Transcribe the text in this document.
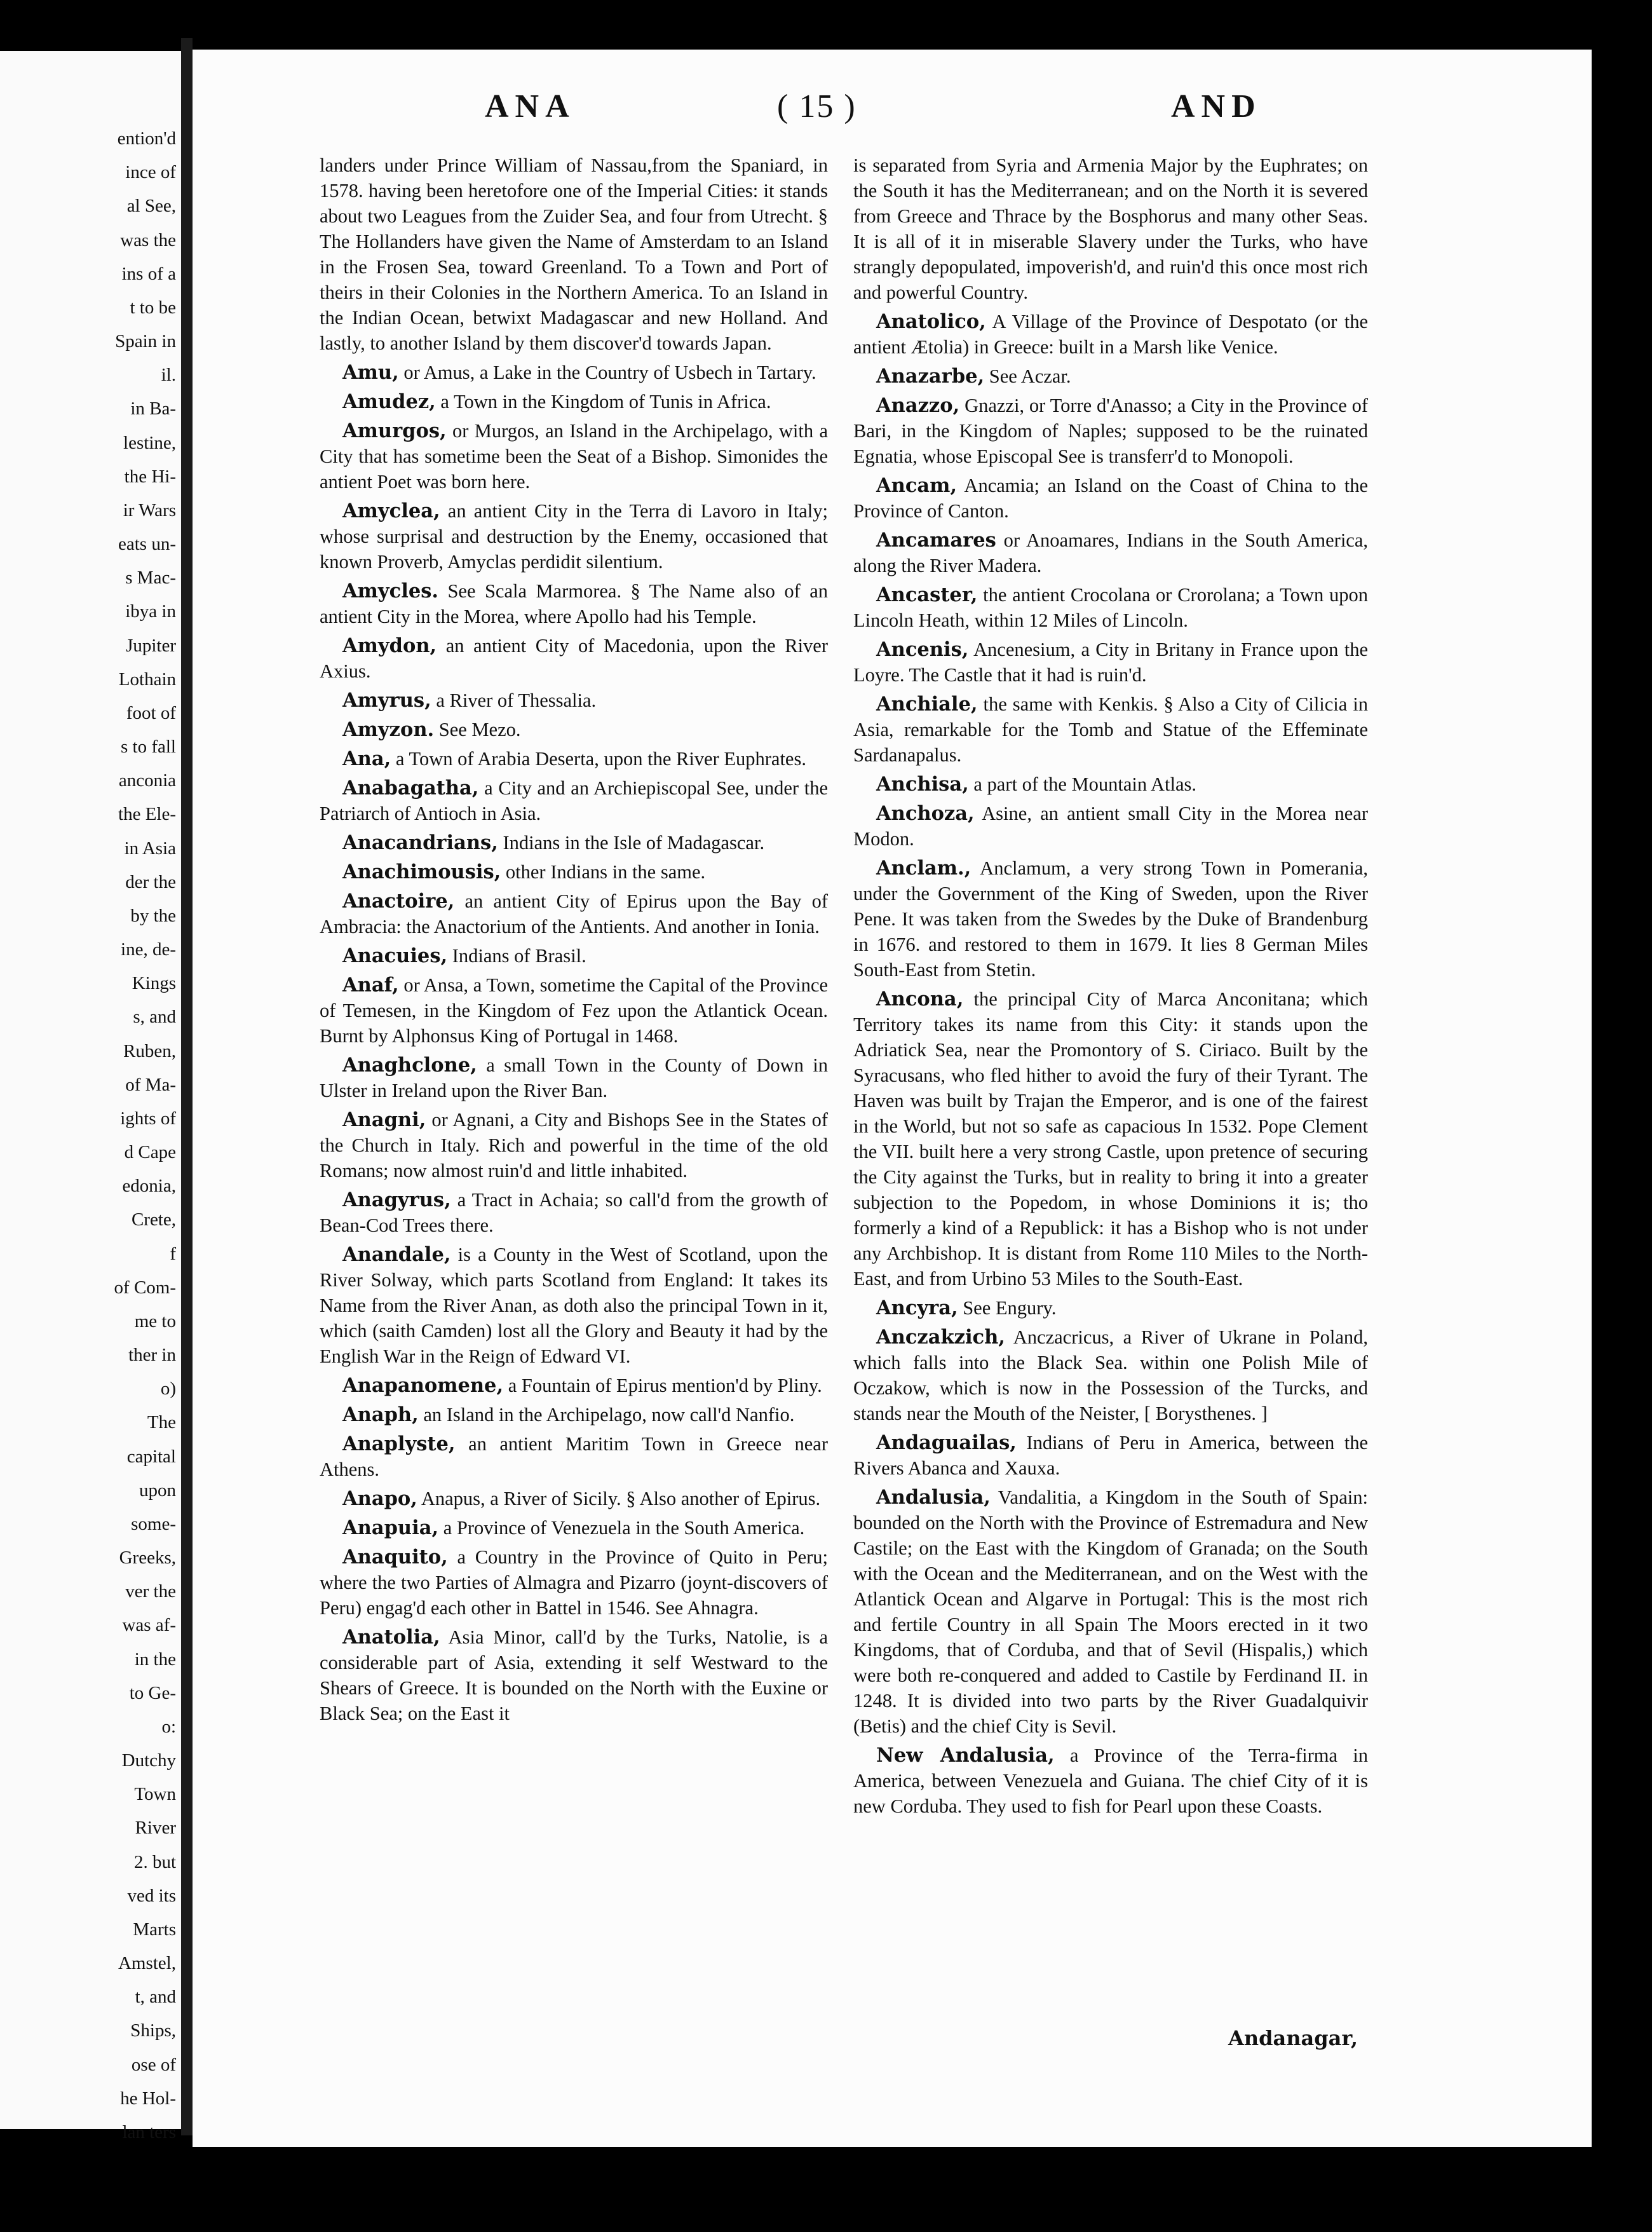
ention'd
ince of
al See,
was the
ins of a
t to be
Spain in
il.
in Ba-
lestine,
the Hi-
ir Wars
eats un-
s Mac-
ibya in
Jupiter
Lothain
foot of
s to fall
anconia
the Ele-
in Asia
der the
by the
ine, de-
Kings
s, and
Ruben,
of Ma-
ights of
d Cape
edonia,
Crete,
f
of Com-
me to
ther in
o)
The
capital
upon
some-
Greeks,
ver the
was af-
in the
to Ge-
o:
Dutchy
Town
River
2. but
ved its
Marts
Amstel,
t, and
Ships,
ose of
he Hol-
lan ters
ANA	( 15 )	AND

landers under Prince William of Nassau,from the Spaniard, in 1578. having been heretofore one of the Imperial Cities: it stands about two Leagues from the Zuider Sea, and four from Utrecht. § The Hollanders have given the Name of Amsterdam to an Island in the Frosen Sea, toward Greenland. To a Town and Port of theirs in their Colonies in the Northern America. To an Island in the Indian Ocean, betwixt Madagascar and new Holland. And lastly, to another Island by them discover'd towards Japan.

Amu, or Amus, a Lake in the Country of Usbech in Tartary.

Amudez, a Town in the Kingdom of Tunis in Africa.

Amurgos, or Murgos, an Island in the Archipelago, with a City that has sometime been the Seat of a Bishop. Simonides the antient Poet was born here.

Amyclea, an antient City in the Terra di Lavoro in Italy; whose surprisal and destruction by the Enemy, occasioned that known Proverb, Amyclas perdidit silentium.

Amycles. See Scala Marmorea. § The Name also of an antient City in the Morea, where Apollo had his Temple.

Amydon, an antient City of Macedonia, upon the River Axius.

Amyrus, a River of Thessalia.

Amyzon. See Mezo.

Ana, a Town of Arabia Deserta, upon the River Euphrates.

Anabagatha, a City and an Archiepiscopal See, under the Patriarch of Antioch in Asia.

Anacandrians, Indians in the Isle of Madagascar.

Anachimousis, other Indians in the same.

Anactoire, an antient City of Epirus upon the Bay of Ambracia: the Anactorium of the Antients. And another in Ionia.

Anacuies, Indians of Brasil.

Anaf, or Ansa, a Town, sometime the Capital of the Province of Temesen, in the Kingdom of Fez upon the Atlantick Ocean. Burnt by Alphonsus King of Portugal in 1468.

Anaghclone, a small Town in the County of Down in Ulster in Ireland upon the River Ban.

Anagni, or Agnani, a City and Bishops See in the States of the Church in Italy. Rich and powerful in the time of the old Romans; now almost ruin'd and little inhabited.

Anagyrus, a Tract in Achaia; so call'd from the growth of Bean-Cod Trees there.

Anandale, is a County in the West of Scotland, upon the River Solway, which parts Scotland from England: It takes its Name from the River Anan, as doth also the principal Town in it, which (saith Camden) lost all the Glory and Beauty it had by the English War in the Reign of Edward VI.

Anapanomene, a Fountain of Epirus mention'd by Pliny.

Anaph, an Island in the Archipelago, now call'd Nanfio.

Anaplyste, an antient Maritim Town in Greece near Athens.

Anapo, Anapus, a River of Sicily. § Also another of Epirus.

Anapuia, a Province of Venezuela in the South America.

Anaquito, a Country in the Province of Quito in Peru; where the two Parties of Almagra and Pizarro (joynt-discovers of Peru) engag'd each other in Battel in 1546. See Ahnagra.

Anatolia, Asia Minor, call'd by the Turks, Natolie, is a considerable part of Asia, extending it self Westward to the Shears of Greece. It is bounded on the North with the Euxine or Black Sea; on the East it

is separated from Syria and Armenia Major by the Euphrates; on the South it has the Mediterranean; and on the North it is severed from Greece and Thrace by the Bosphorus and many other Seas. It is all of it in miserable Slavery under the Turks, who have strangly depopulated, impoverish'd, and ruin'd this once most rich and powerful Country.

Anatolico, A Village of the Province of Despotato (or the antient Ætolia) in Greece: built in a Marsh like Venice.

Anazarbe, See Aczar.

Anazzo, Gnazzi, or Torre d'Anasso; a City in the Province of Bari, in the Kingdom of Naples; supposed to be the ruinated Egnatia, whose Episcopal See is transferr'd to Monopoli.

Ancam, Ancamia; an Island on the Coast of China to the Province of Canton.

Ancamares or Anoamares, Indians in the South America, along the River Madera.

Ancaster, the antient Crocolana or Crorolana; a Town upon Lincoln Heath, within 12 Miles of Lincoln.

Ancenis, Ancenesium, a City in Britany in France upon the Loyre. The Castle that it had is ruin'd.

Anchiale, the same with Kenkis. § Also a City of Cilicia in Asia, remarkable for the Tomb and Statue of the Effeminate Sardanapalus.

Anchisa, a part of the Mountain Atlas.

Anchoza, Asine, an antient small City in the Morea near Modon.

Anclam., Anclamum, a very strong Town in Pomerania, under the Government of the King of Sweden, upon the River Pene. It was taken from the Swedes by the Duke of Brandenburg in 1676. and restored to them in 1679. It lies 8 German Miles South-East from Stetin.

Ancona, the principal City of Marca Anconitana; which Territory takes its name from this City: it stands upon the Adriatick Sea, near the Promontory of S. Ciriaco. Built by the Syracusans, who fled hither to avoid the fury of their Tyrant. The Haven was built by Trajan the Emperor, and is one of the fairest in the World, but not so safe as capacious In 1532. Pope Clement the VII. built here a very strong Castle, upon pretence of securing the City against the Turks, but in reality to bring it into a greater subjection to the Popedom, in whose Dominions it is; tho formerly a kind of a Republick: it has a Bishop who is not under any Archbishop. It is distant from Rome 110 Miles to the North-East, and from Urbino 53 Miles to the South-East.

Ancyra, See Engury.

Anczakzich, Anczacricus, a River of Ukrane in Poland, which falls into the Black Sea. within one Polish Mile of Oczakow, which is now in the Possession of the Turcks, and stands near the Mouth of the Neister, [ Borysthenes. ]

Andaguailas, Indians of Peru in America, between the Rivers Abanca and Xauxa.

Andalusia, Vandalitia, a Kingdom in the South of Spain: bounded on the North with the Province of Estremadura and New Castile; on the East with the Kingdom of Granada; on the South with the Ocean and the Mediterranean, and on the West with the Atlantick Ocean and Algarve in Portugal: This is the most rich and fertile Country in all Spain The Moors erected in it two Kingdoms, that of Corduba, and that of Sevil (Hispalis,) which were both re-conquered and added to Castile by Ferdinand II. in 1248. It is divided into two parts by the River Guadalquivir (Betis) and the chief City is Sevil.

New Andalusia, a Province of the Terra-firma in America, between Venezuela and Guiana. The chief City of it is new Corduba. They used to fish for Pearl upon these Coasts.

Andanagar,
